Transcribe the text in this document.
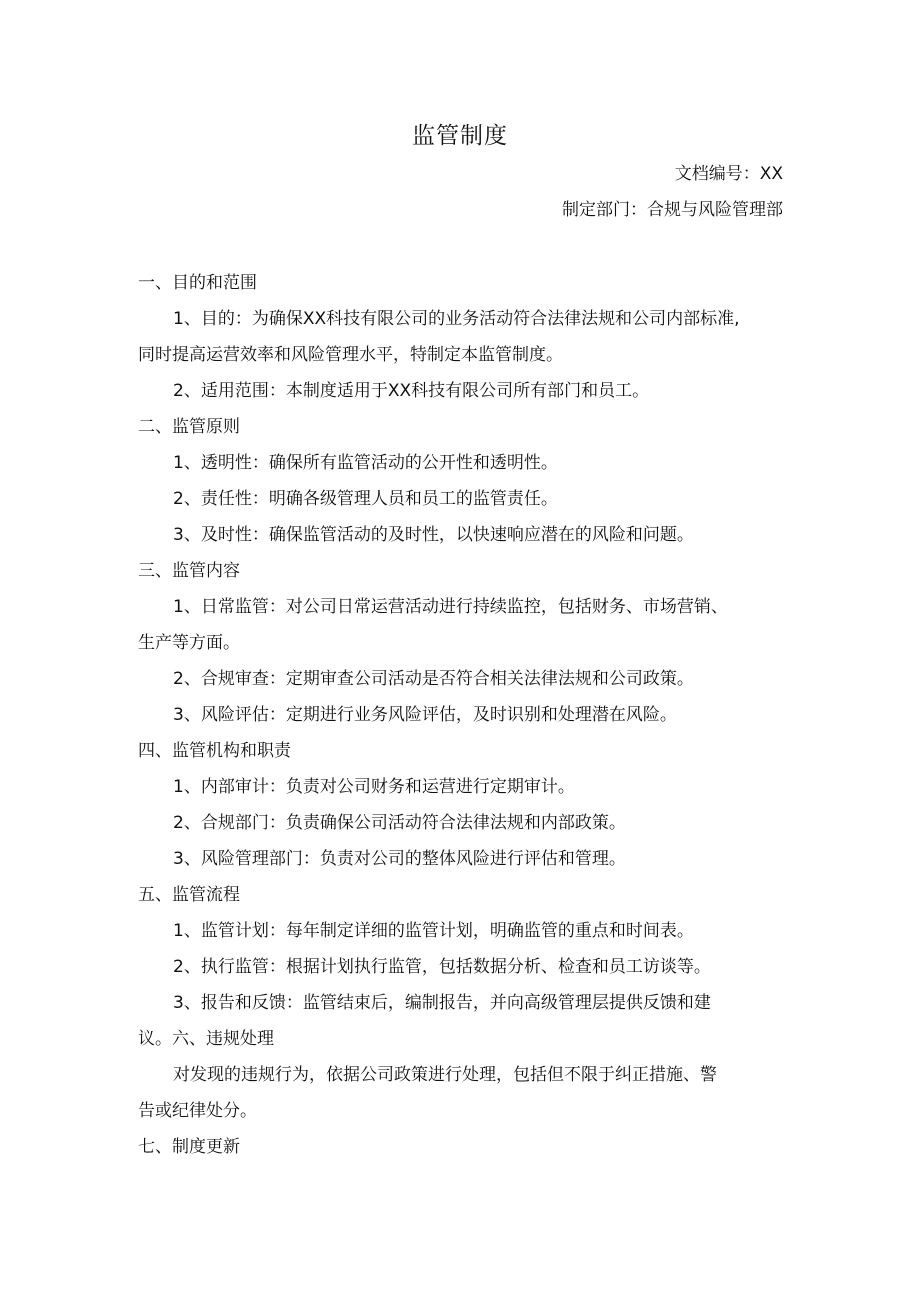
监管制度
文档编号：XX
制定部门：合规与风险管理部
一、目的和范围
1、目的：为确保XX科技有限公司的业务活动符合法律法规和公司内部标准,
同时提高运营效率和风险管理水平，特制定本监管制度。
2、适用范围：本制度适用于XX科技有限公司所有部门和员工。
二、监管原则
1、透明性：确保所有监管活动的公开性和透明性。
2、责任性：明确各级管理人员和员工的监管责任。
3、及时性：确保监管活动的及时性，以快速响应潜在的风险和问题。
三、监管内容
1、日常监管：对公司日常运营活动进行持续监控，包括财务、市场营销、
生产等方面。
2、合规审查：定期审查公司活动是否符合相关法律法规和公司政策。
3、风险评估：定期进行业务风险评估，及时识别和处理潜在风险。
四、监管机构和职责
1、内部审计：负责对公司财务和运营进行定期审计。
2、合规部门：负责确保公司活动符合法律法规和内部政策。
3、风险管理部门：负责对公司的整体风险进行评估和管理。
五、监管流程
1、监管计划：每年制定详细的监管计划，明确监管的重点和时间表。
2、执行监管：根据计划执行监管，包括数据分析、检查和员工访谈等。
3、报告和反馈：监管结束后，编制报告，并向高级管理层提供反馈和建
议。六、违规处理
对发现的违规行为，依据公司政策进行处理，包括但不限于纠正措施、警
告或纪律处分。
七、制度更新
